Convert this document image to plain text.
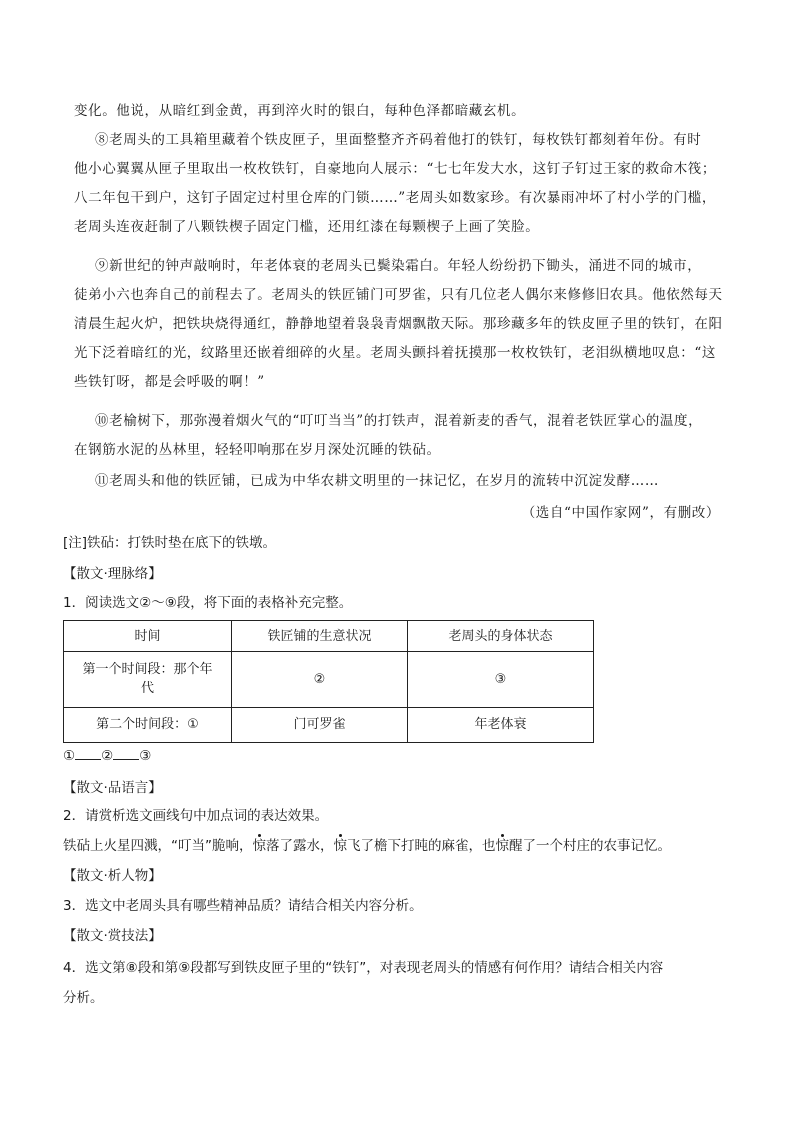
变化。他说，从暗红到金黄，再到淬火时的银白，每种色泽都暗藏玄机。
⑧老周头的工具箱里藏着个铁皮匣子，里面整整齐齐码着他打的铁钉，每枚铁钉都刻着年份。有时
他小心翼翼从匣子里取出一枚枚铁钉，自豪地向人展示：“七七年发大水，这钉子钉过王家的救命木筏；
八二年包干到户，这钉子固定过村里仓库的门锁……”老周头如数家珍。有次暴雨冲坏了村小学的门槛，
老周头连夜赶制了八颗铁楔子固定门槛，还用红漆在每颗楔子上画了笑脸。
⑨新世纪的钟声敲响时，年老体衰的老周头已鬓染霜白。年轻人纷纷扔下锄头，涌进不同的城市，
徒弟小六也奔自己的前程去了。老周头的铁匠铺门可罗雀，只有几位老人偶尔来修修旧农具。他依然每天
清晨生起火炉，把铁块烧得通红，静静地望着袅袅青烟飘散天际。那珍藏多年的铁皮匣子里的铁钉，在阳
光下泛着暗红的光，纹路里还嵌着细碎的火星。老周头颤抖着抚摸那一枚枚铁钉，老泪纵横地叹息：“这
些铁钉呀，都是会呼吸的啊！”
⑩老榆树下，那弥漫着烟火气的“叮叮当当”的打铁声，混着新麦的香气，混着老铁匠掌心的温度，
在钢筋水泥的丛林里，轻轻叩响那在岁月深处沉睡的铁砧。
⑪老周头和他的铁匠铺，已成为中华农耕文明里的一抹记忆，在岁月的流转中沉淀发酵……
（选自“中国作家网”，有删改）
[注]铁砧：打铁时垫在底下的铁墩。
【散文·理脉络】
1．阅读选文②～⑨段，将下面的表格补充完整。
时间	铁匠铺的生意状况	老周头的身体状态
第一个时间段：那个年
代	②	③
第二个时间段：①	门可罗雀	年老体衰
① ② ③
【散文·品语言】
2．请赏析选文画线句中加点词的表达效果。
铁砧上火星四溅，“叮当”脆响，惊落了露水，惊飞了檐下打盹的麻雀，也惊醒了一个村庄的农事记忆。
【散文·析人物】
3．选文中老周头具有哪些精神品质？请结合相关内容分析。
【散文·赏技法】
4．选文第⑧段和第⑨段都写到铁皮匣子里的“铁钉”，对表现老周头的情感有何作用？请结合相关内容
分析。
